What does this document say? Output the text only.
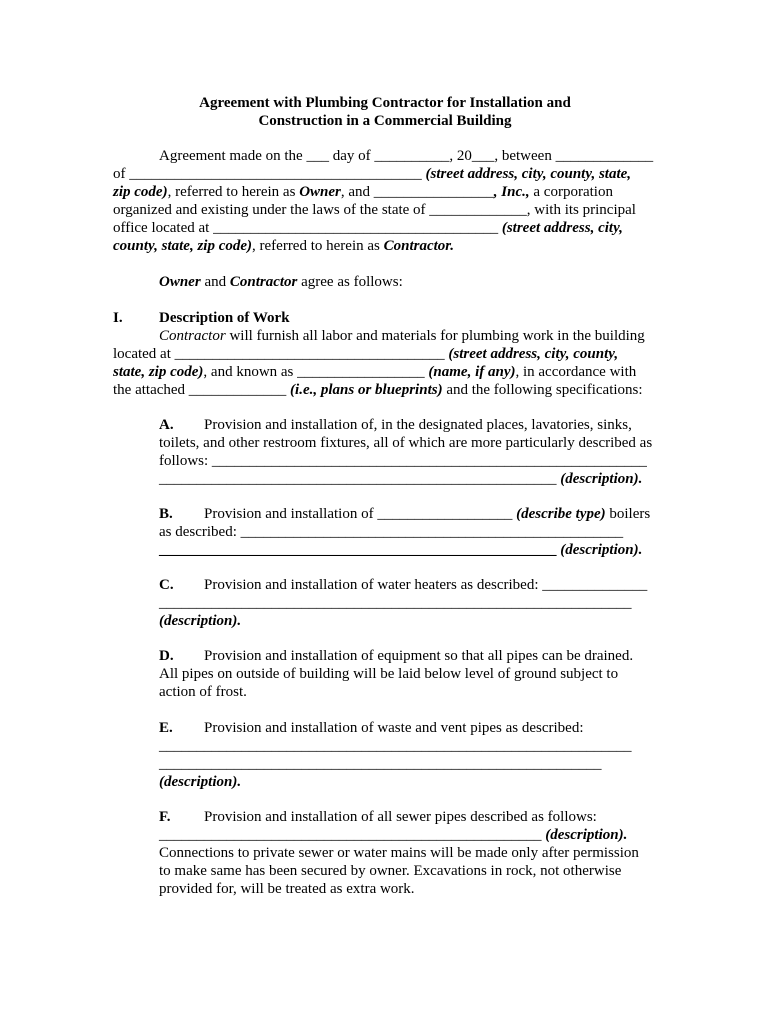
Agreement with Plumbing Contractor for Installation and
Construction in a Commercial Building
Agreement made on the ___ day of __________, 20___, between _____________
of _______________________________________ (street address, city, county, state,
zip code), referred to herein as Owner, and ________________, Inc., a corporation
organized and existing under the laws of the state of _____________, with its principal
office located at ______________________________________ (street address, city,
county, state, zip code), referred to herein as Contractor.
Owner and Contractor agree as follows:
I. Description of Work
Contractor will furnish all labor and materials for plumbing work in the building
located at ____________________________________ (street address, city, county,
state, zip code), and known as _________________ (name, if any), in accordance with
the attached _____________ (i.e., plans or blueprints) and the following specifications:
A. Provision and installation of, in the designated places, lavatories, sinks,
toilets, and other restroom fixtures, all of which are more particularly described as
follows: __________________________________________________________
_____________________________________________________ (description).
B. Provision and installation of __________________ (describe type) boilers
as described: ___________________________________________________
_____________________________________________________ (description).
C. Provision and installation of water heaters as described: ______________
_______________________________________________________________
(description).
D. Provision and installation of equipment so that all pipes can be drained.
All pipes on outside of building will be laid below level of ground subject to
action of frost.
E. Provision and installation of waste and vent pipes as described:
_______________________________________________________________
___________________________________________________________
(description).
F. Provision and installation of all sewer pipes described as follows:
___________________________________________________ (description).
Connections to private sewer or water mains will be made only after permission
to make same has been secured by owner. Excavations in rock, not otherwise
provided for, will be treated as extra work.
